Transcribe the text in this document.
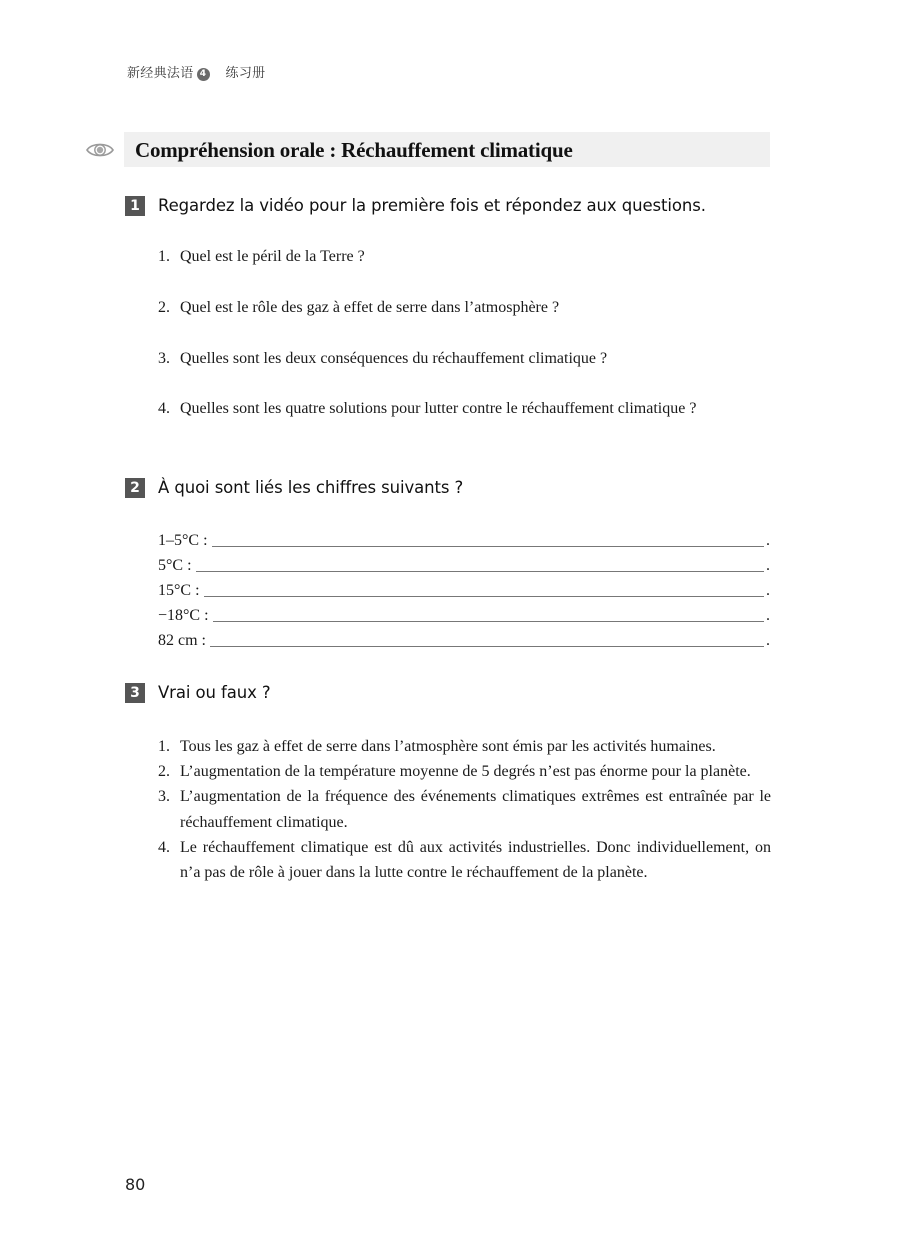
新经典法语 4 练习册
Compréhension orale : Réchauffement climatique
1 Regardez la vidéo pour la première fois et répondez aux questions.
1. Quel est le péril de la Terre ?
2. Quel est le rôle des gaz à effet de serre dans l’atmosphère ?
3. Quelles sont les deux conséquences du réchauffement climatique ?
4. Quelles sont les quatre solutions pour lutter contre le réchauffement climatique ?
2 À quoi sont liés les chiffres suivants ?
1–5°C :	.
5°C :	.
15°C :	.
−18°C :	.
82 cm :	.
3 Vrai ou faux ?
1. Tous les gaz à effet de serre dans l’atmosphère sont émis par les activités humaines.
2. L’augmentation de la température moyenne de 5 degrés n’est pas énorme pour la planète.
3. L’augmentation de la fréquence des événements climatiques extrêmes est entraînée par le réchauffement climatique.
4. Le réchauffement climatique est dû aux activités industrielles. Donc individuellement, on n’a pas de rôle à jouer dans la lutte contre le réchauffement de la planète.
80
